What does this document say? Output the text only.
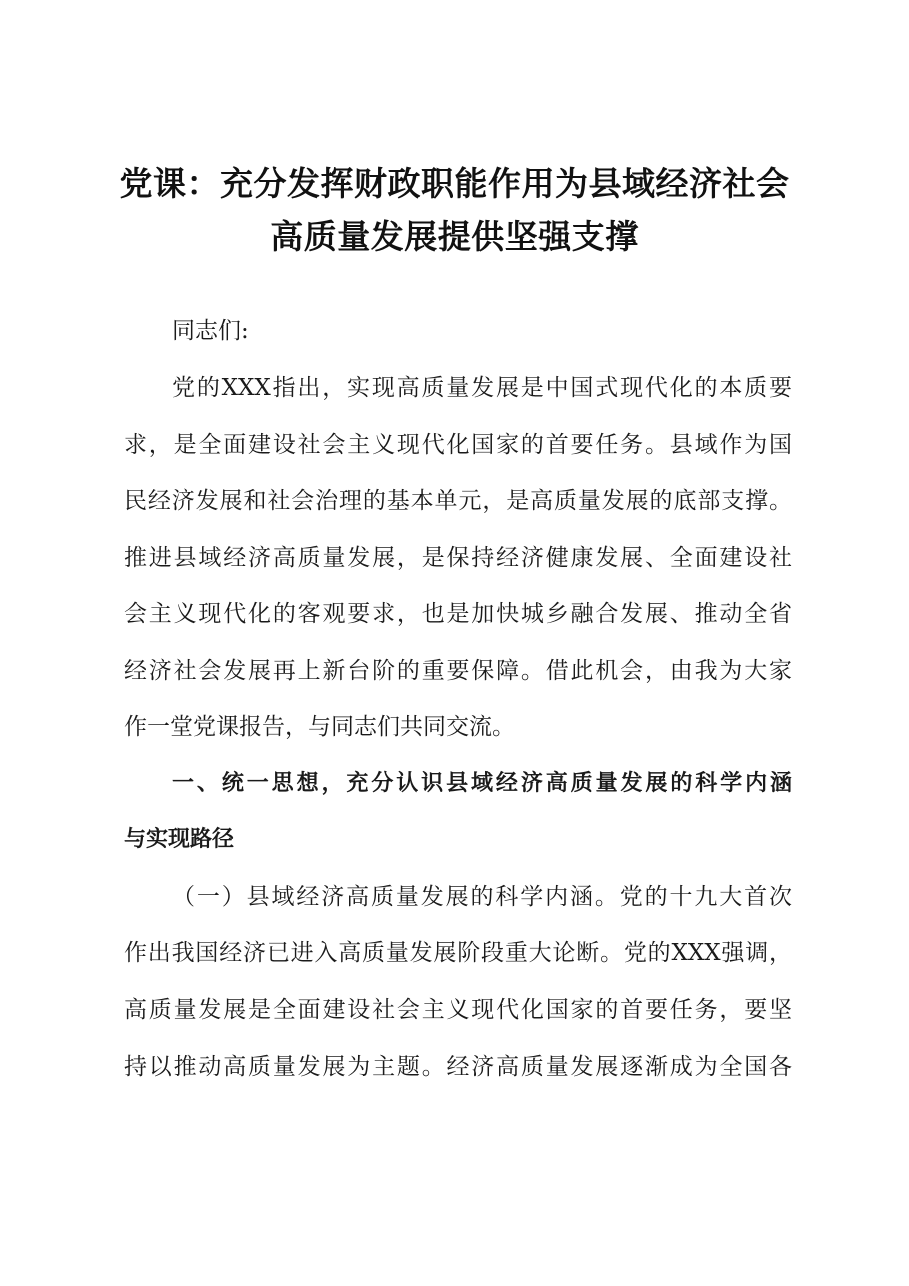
党课：充分发挥财政职能作用为县域经济社会
高质量发展提供坚强支撑
同志们:
党的XXX指出，实现高质量发展是中国式现代化的本质要
求，是全面建设社会主义现代化国家的首要任务。县域作为国
民经济发展和社会治理的基本单元，是高质量发展的底部支撑。
推进县域经济高质量发展，是保持经济健康发展、全面建设社
会主义现代化的客观要求，也是加快城乡融合发展、推动全省
经济社会发展再上新台阶的重要保障。借此机会，由我为大家
作一堂党课报告，与同志们共同交流。
一、统一思想，充分认识县域经济高质量发展的科学内涵
与实现路径
（一）县域经济高质量发展的科学内涵。党的十九大首次
作出我国经济已进入高质量发展阶段重大论断。党的XXX强调，
高质量发展是全面建设社会主义现代化国家的首要任务，要坚
持以推动高质量发展为主题。经济高质量发展逐渐成为全国各
